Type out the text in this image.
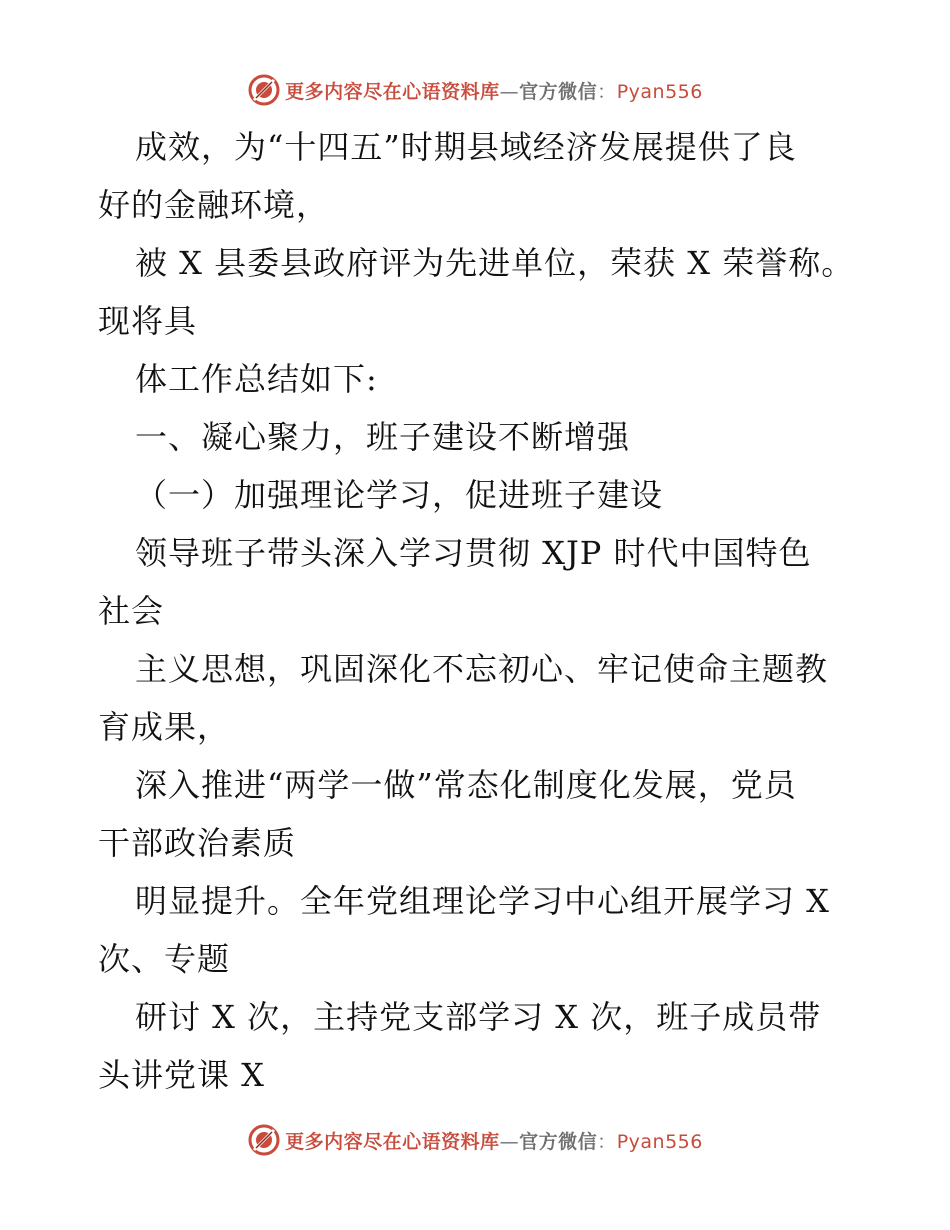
更多内容尽在心语资料库—官方微信：Pyan556
成效，为“十四五”时期县域经济发展提供了良
好的金融环境，
被 X 县委县政府评为先进单位，荣获 X 荣誉称。
现将具
体工作总结如下:
一、凝心聚力，班子建设不断增强
（一）加强理论学习，促进班子建设
领导班子带头深入学习贯彻 XJP 时代中国特色
社会
主义思想，巩固深化不忘初心、牢记使命主题教
育成果，
深入推进“两学一做”常态化制度化发展，党员
干部政治素质
明显提升。全年党组理论学习中心组开展学习 X
次、专题
研讨 X 次，主持党支部学习 X 次，班子成员带
头讲党课 X
更多内容尽在心语资料库—官方微信：Pyan556
